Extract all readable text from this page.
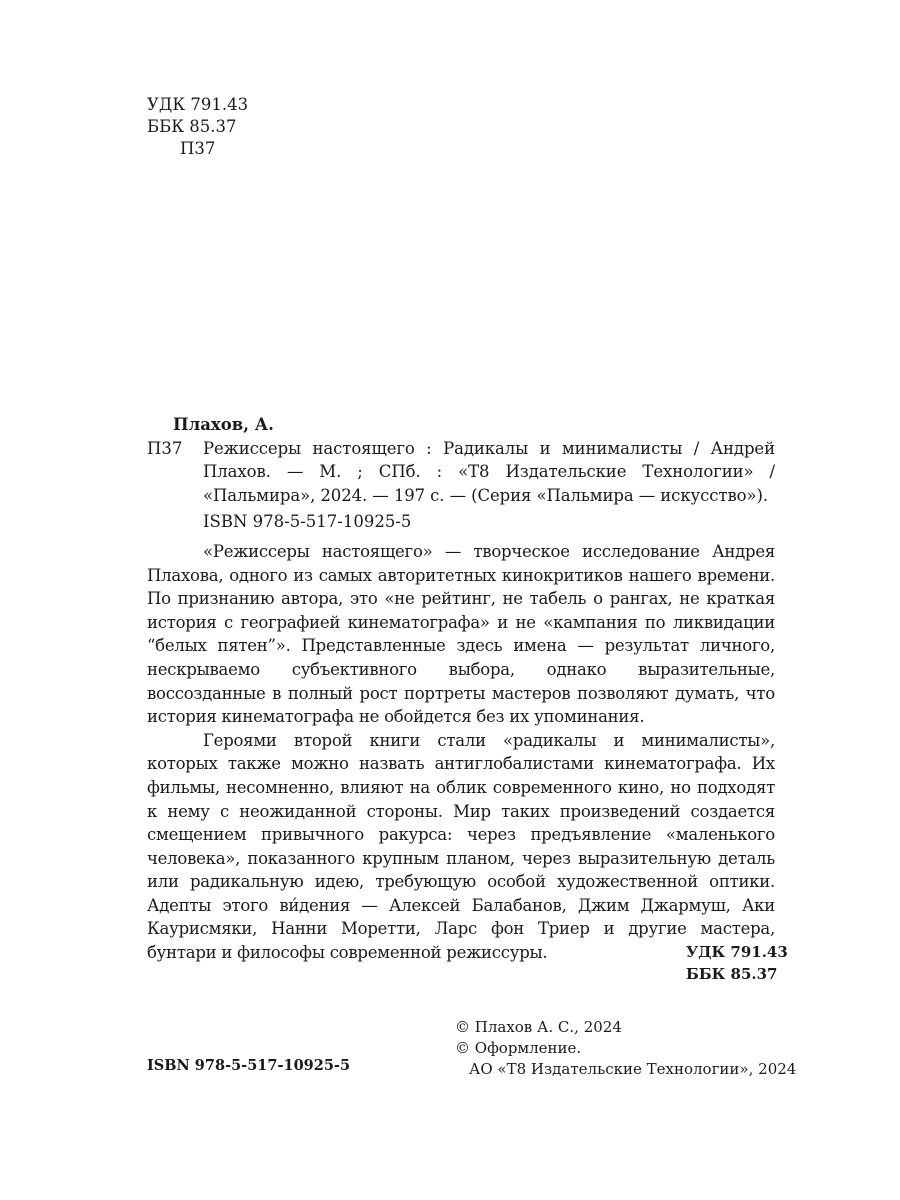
УДК 791.43
ББК 85.37
П37
Плахов, А.
П37 Режиссеры настоящего : Радикалы и минималисты / Андрей Плахов. — М. ; СПб. : «Т8 Издательские Технологии» / «Пальмира», 2024. — 197 с. — (Серия «Пальмира — искусство»).
ISBN 978-5-517-10925-5

«Режиссеры настоящего» — творческое исследование Андрея Плахова, одного из самых авторитетных кинокритиков нашего времени. По признанию автора, это «не рейтинг, не табель о рангах, не краткая история с географией кинематографа» и не «кампания по ликвидации “белых пятен”». Представленные здесь имена — результат личного, нескрываемо субъективного выбора, однако выразительные, воссозданные в полный рост портреты мастеров позволяют думать, что история кинематографа не обойдется без их упоминания.

Героями второй книги стали «радикалы и минималисты», которых также можно назвать антиглобалистами кинематографа. Их фильмы, несомненно, влияют на облик современного кино, но подходят к нему с неожиданной стороны. Мир таких произведений создается смещением привычного ракурса: через предъявление «маленького человека», показанного крупным планом, через выразительную деталь или радикальную идею, требующую особой художественной оптики. Адепты этого ви́дения — Алексей Балабанов, Джим Джармуш, Аки Каурисмяки, Нанни Моретти, Ларс фон Триер и другие мастера, бунтари и философы современной режиссуры.	УДК 791.43
ББК 85.37
© Плахов А. С., 2024
© Оформление.
АО «Т8 Издательские Технологии», 2024
ISBN 978-5-517-10925-5
